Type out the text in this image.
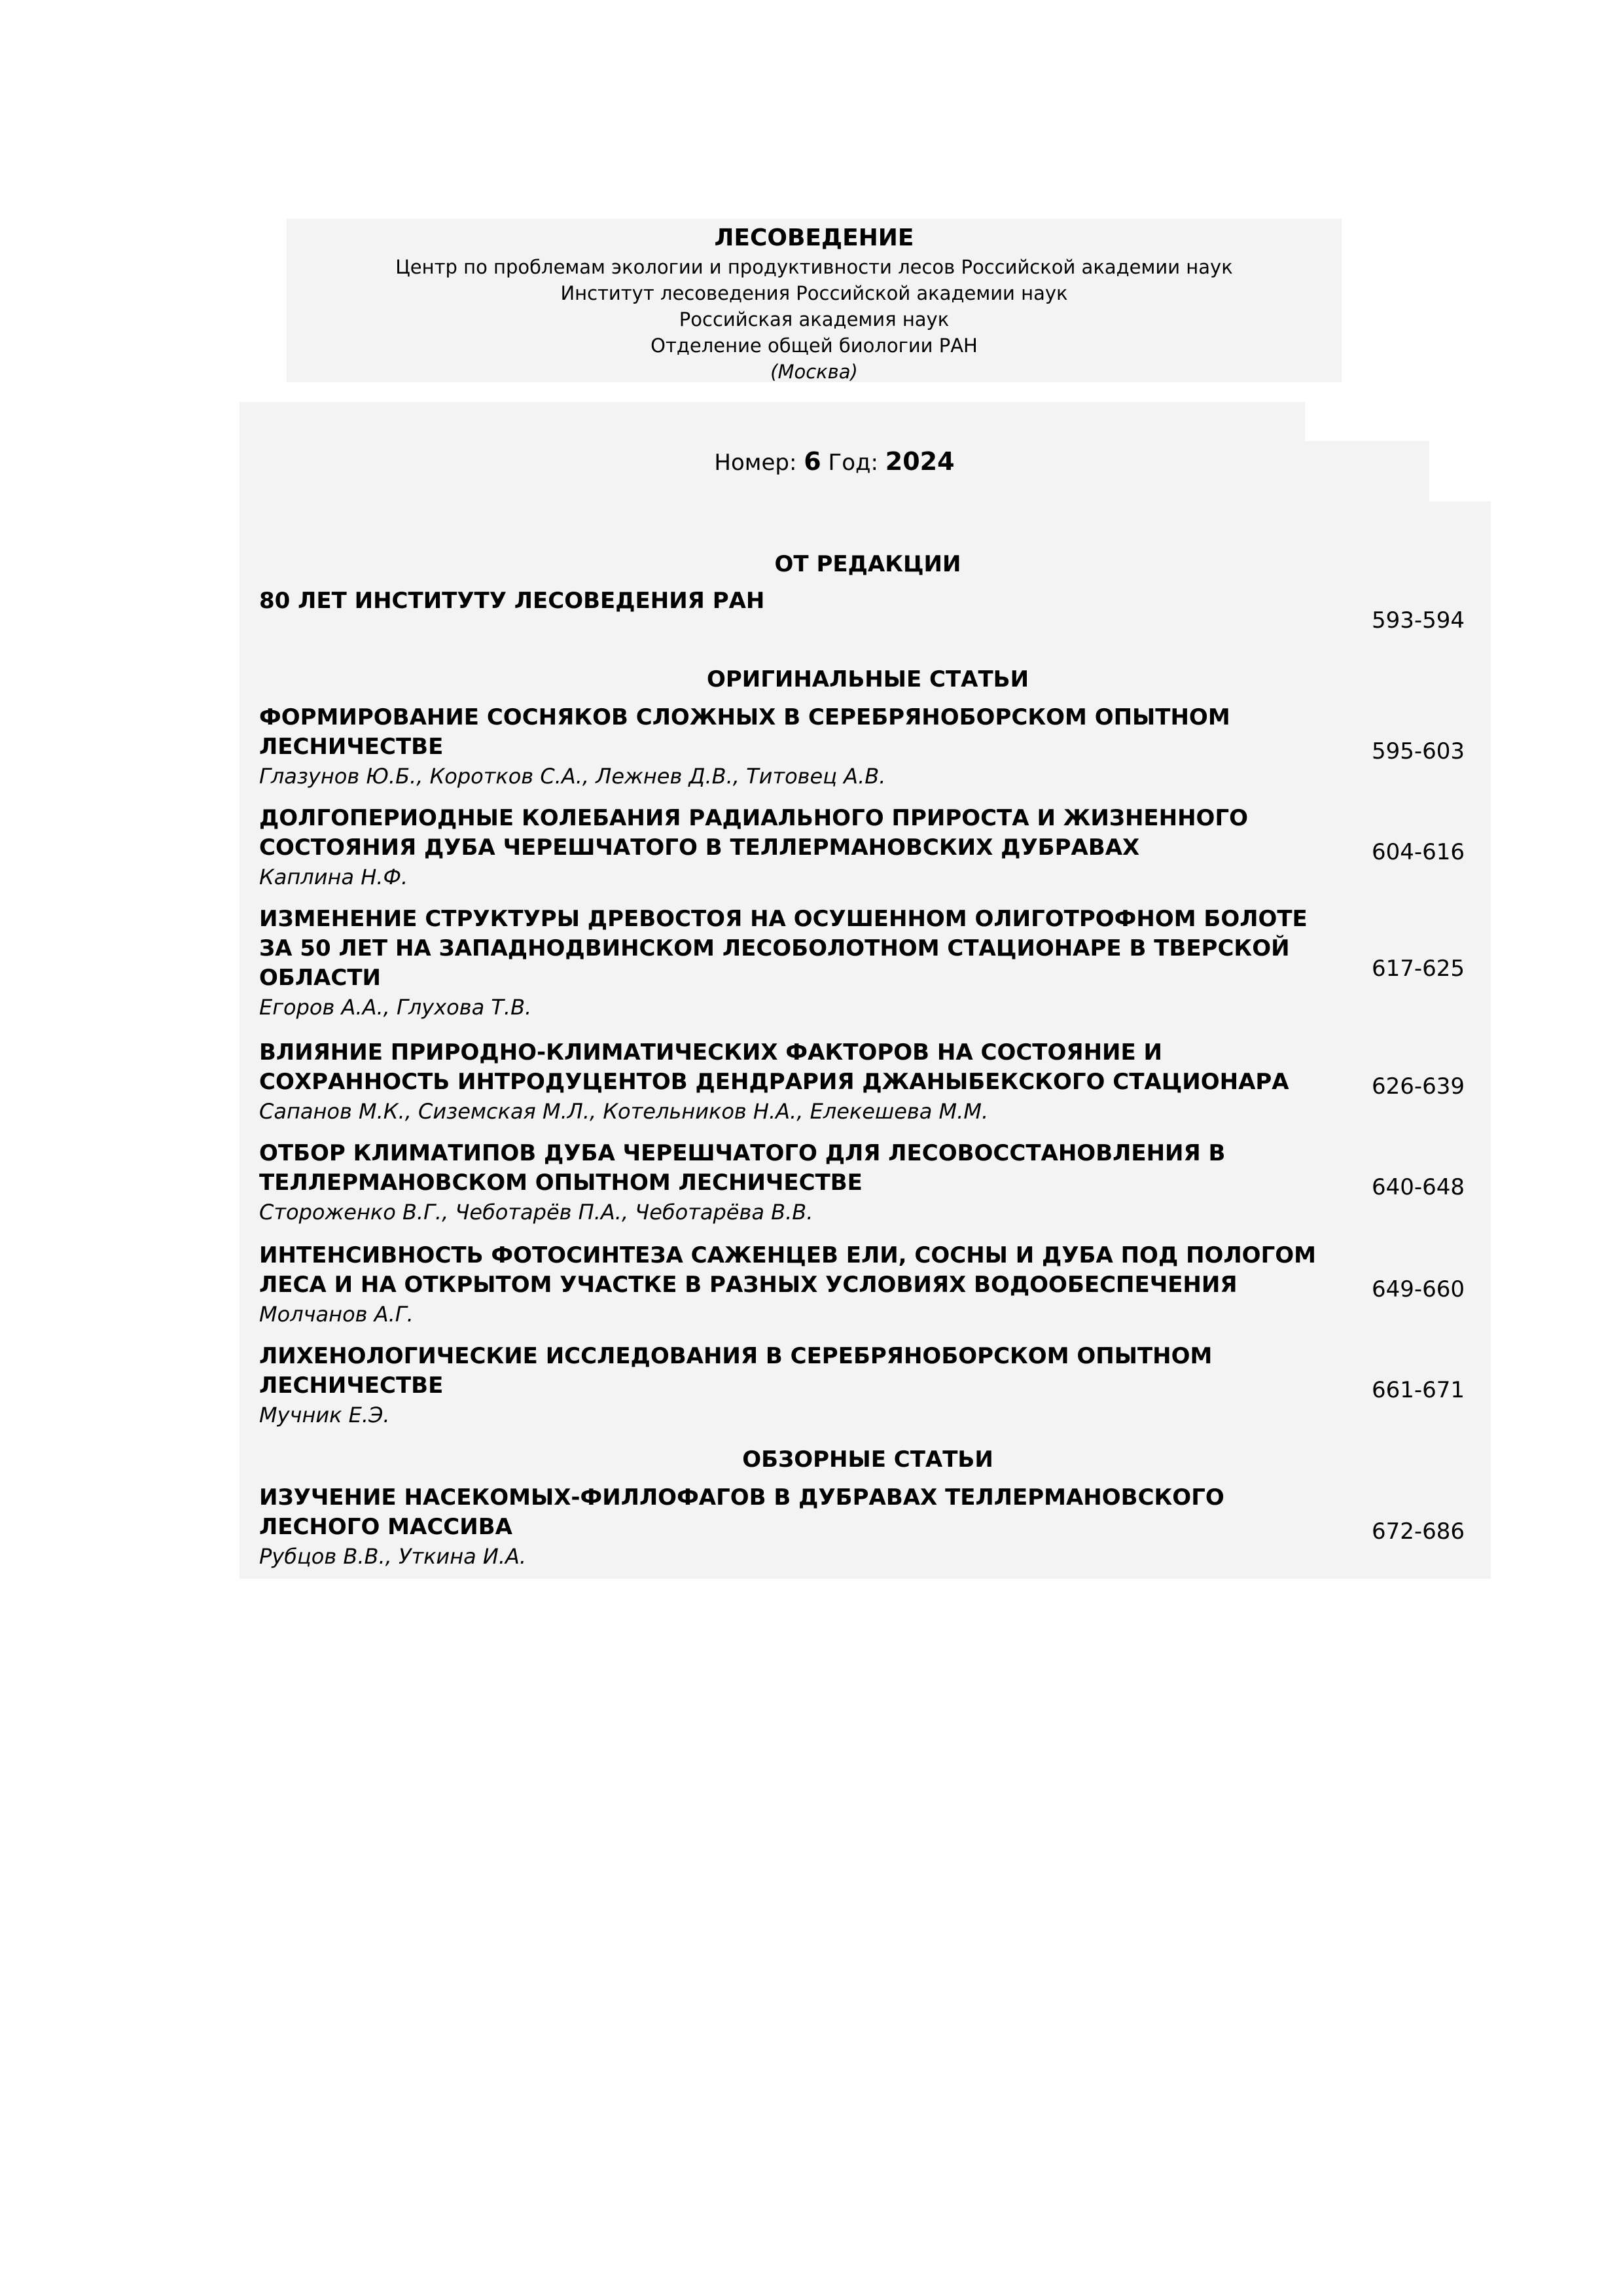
ЛЕСОВЕДЕНИЕ
Центр по проблемам экологии и продуктивности лесов Российской академии наук
Институт лесоведения Российской академии наук
Российская академия наук
Отделение общей биологии РАН
(Москва)
Номер: 6 Год: 2024
ОТ РЕДАКЦИИ
80 ЛЕТ ИНСТИТУТУ ЛЕСОВЕДЕНИЯ РАН
593-594
ОРИГИНАЛЬНЫЕ СТАТЬИ
ФОРМИРОВАНИЕ СОСНЯКОВ СЛОЖНЫХ В СЕРЕБРЯНОБОРСКОМ ОПЫТНОМ ЛЕСНИЧЕСТВЕ
Глазунов Ю.Б., Коротков С.А., Лежнев Д.В., Титовец А.В.
595-603
ДОЛГОПЕРИОДНЫЕ КОЛЕБАНИЯ РАДИАЛЬНОГО ПРИРОСТА И ЖИЗНЕННОГО СОСТОЯНИЯ ДУБА ЧЕРЕШЧАТОГО В ТЕЛЛЕРМАНОВСКИХ ДУБРАВАХ
Каплина Н.Ф.
604-616
ИЗМЕНЕНИЕ СТРУКТУРЫ ДРЕВОСТОЯ НА ОСУШЕННОМ ОЛИГОТРОФНОМ БОЛОТЕ ЗА 50 ЛЕТ НА ЗАПАДНОДВИНСКОМ ЛЕСОБОЛОТНОМ СТАЦИОНАРЕ В ТВЕРСКОЙ ОБЛАСТИ
Егоров А.А., Глухова Т.В.
617-625
ВЛИЯНИЕ ПРИРОДНО-КЛИМАТИЧЕСКИХ ФАКТОРОВ НА СОСТОЯНИЕ И СОХРАННОСТЬ ИНТРОДУЦЕНТОВ ДЕНДРАРИЯ ДЖАНЫБЕКСКОГО СТАЦИОНАРА
Сапанов М.К., Сиземская М.Л., Котельников Н.А., Елекешева М.М.
626-639
ОТБОР КЛИМАТИПОВ ДУБА ЧЕРЕШЧАТОГО ДЛЯ ЛЕСОВОССТАНОВЛЕНИЯ В ТЕЛЛЕРМАНОВСКОМ ОПЫТНОМ ЛЕСНИЧЕСТВЕ
Стороженко В.Г., Чеботарёв П.А., Чеботарёва В.В.
640-648
ИНТЕНСИВНОСТЬ ФОТОСИНТЕЗА САЖЕНЦЕВ ЕЛИ, СОСНЫ И ДУБА ПОД ПОЛОГОМ ЛЕСА И НА ОТКРЫТОМ УЧАСТКЕ В РАЗНЫХ УСЛОВИЯХ ВОДООБЕСПЕЧЕНИЯ
Молчанов А.Г.
649-660
ЛИХЕНОЛОГИЧЕСКИЕ ИССЛЕДОВАНИЯ В СЕРЕБРЯНОБОРСКОМ ОПЫТНОМ ЛЕСНИЧЕСТВЕ
Мучник Е.Э.
661-671
ОБЗОРНЫЕ СТАТЬИ
ИЗУЧЕНИЕ НАСЕКОМЫХ-ФИЛЛОФАГОВ В ДУБРАВАХ ТЕЛЛЕРМАНОВСКОГО ЛЕСНОГО МАССИВА
Рубцов В.В., Уткина И.А.
672-686
